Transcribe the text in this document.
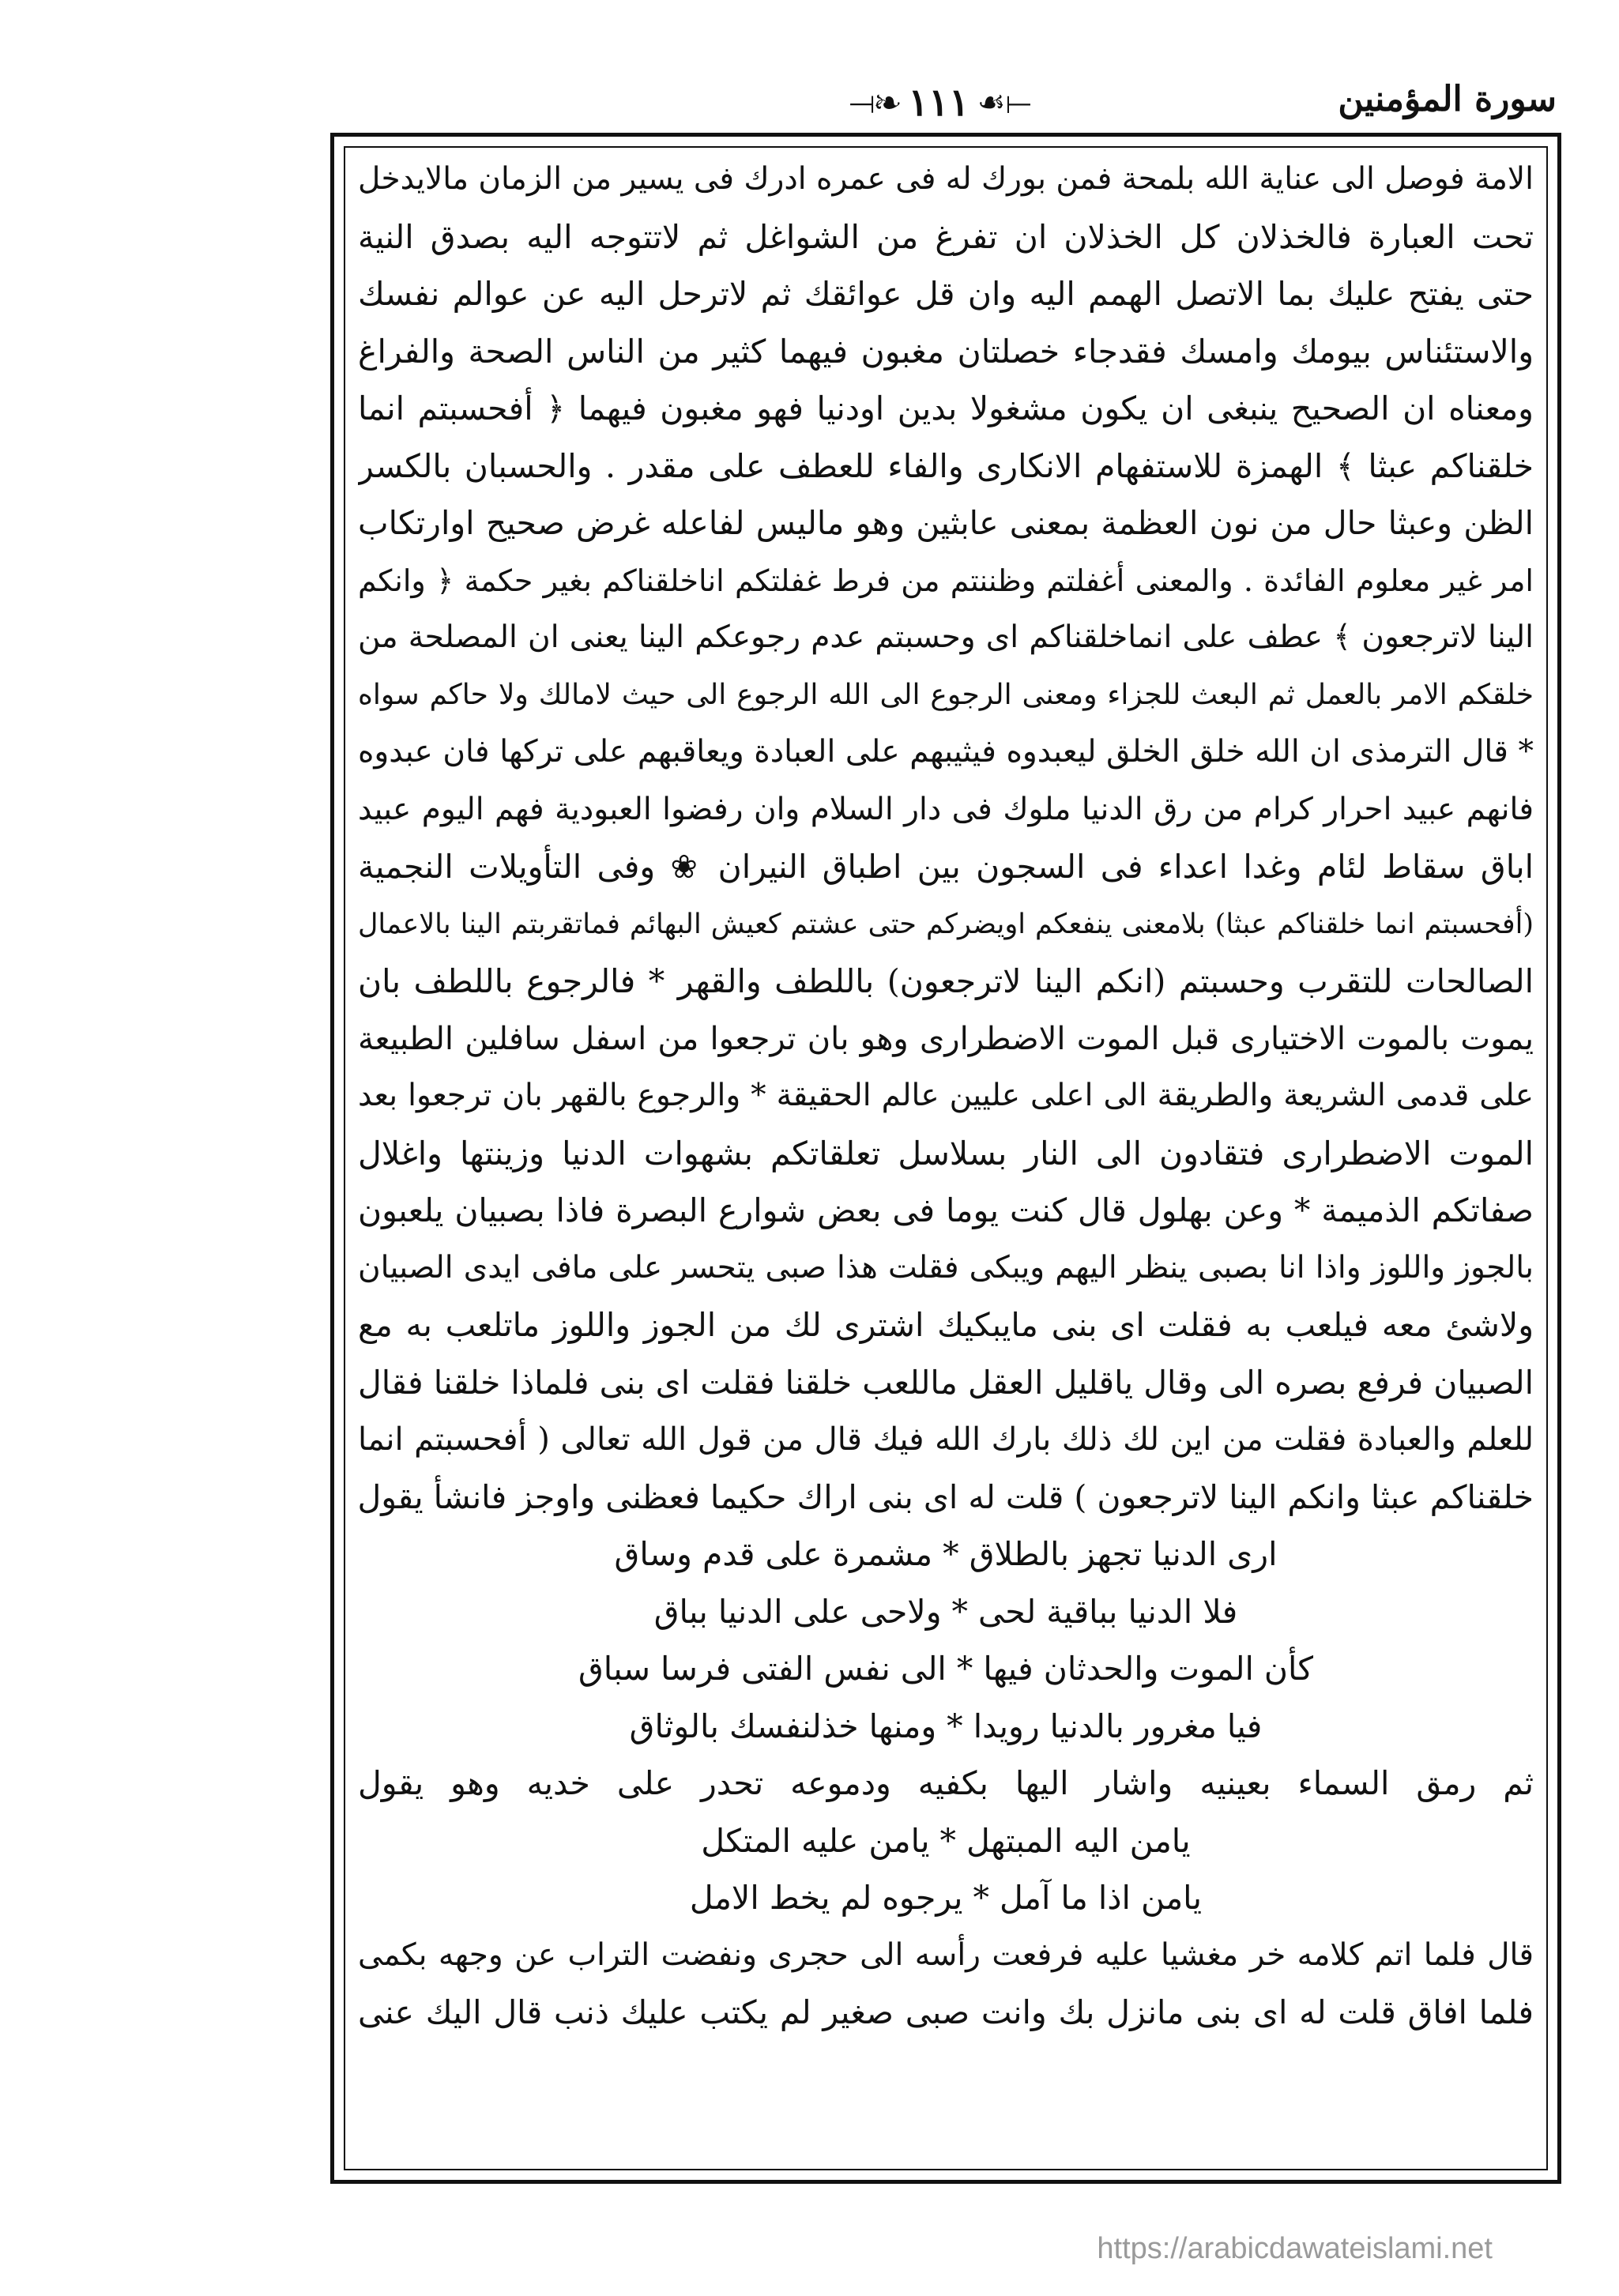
سورة المؤمنين
⟞❧ ١١١ ☙⟝
الامة فوصل الى عناية الله بلمحة فمن بورك له فى عمره ادرك فى يسير من الزمان مالايدخل
تحت العبارة فالخذلان كل الخذلان ان تفرغ من الشواغل ثم لاتتوجه اليه بصدق النية
حتى يفتح عليك بما الاتصل الهمم اليه وان قل عوائقك ثم لاترحل اليه عن عوالم نفسك
والاستئناس بيومك وامسك فقدجاء خصلتان مغبون فيهما كثير من الناس الصحة والفراغ
ومعناه ان الصحيح ينبغى ان يكون مشغولا بدين اودنيا فهو مغبون فيهما ﴿ أفحسبتم انما
خلقناكم عبثا ﴾ الهمزة للاستفهام الانكارى والفاء للعطف على مقدر . والحسبان بالكسر
الظن وعبثا حال من نون العظمة بمعنى عابثين وهو ماليس لفاعله غرض صحيح اوارتكاب
امر غير معلوم الفائدة . والمعنى أغفلتم وظننتم من فرط غفلتكم اناخلقناكم بغير حكمة ﴿ وانكم
الينا لاترجعون ﴾ عطف على انماخلقناكم اى وحسبتم عدم رجوعكم الينا يعنى ان المصلحة من
خلقكم الامر بالعمل ثم البعث للجزاء ومعنى الرجوع الى الله الرجوع الى حيث لامالك ولا حاكم سواه
* قال الترمذى ان الله خلق الخلق ليعبدوه فيثيبهم على العبادة ويعاقبهم على تركها فان عبدوه
فانهم عبيد احرار كرام من رق الدنيا ملوك فى دار السلام وان رفضوا العبودية فهم اليوم عبيد
اباق سقاط لئام وغدا اعداء فى السجون بين اطباق النيران ❀ وفى التأويلات النجمية
(أفحسبتم انما خلقناكم عبثا) بلامعنى ينفعكم اويضركم حتى عشتم كعيش البهائم فماتقربتم الينا بالاعمال
الصالحات للتقرب وحسبتم (انكم الينا لاترجعون) باللطف والقهر * فالرجوع باللطف بان
يموت بالموت الاختيارى قبل الموت الاضطرارى وهو بان ترجعوا من اسفل سافلين الطبيعة
على قدمى الشريعة والطريقة الى اعلى عليين عالم الحقيقة * والرجوع بالقهر بان ترجعوا بعد
الموت الاضطرارى فتقادون الى النار بسلاسل تعلقاتكم بشهوات الدنيا وزينتها واغلال
صفاتكم الذميمة * وعن بهلول قال كنت يوما فى بعض شوارع البصرة فاذا بصبيان يلعبون
بالجوز واللوز واذا انا بصبى ينظر اليهم ويبكى فقلت هذا صبى يتحسر على مافى ايدى الصبيان
ولاشئ معه فيلعب به فقلت اى بنى مايبكيك اشترى لك من الجوز واللوز ماتلعب به مع
الصبيان فرفع بصره الى وقال ياقليل العقل ماللعب خلقنا فقلت اى بنى فلماذا خلقنا فقال
للعلم والعبادة فقلت من اين لك ذلك بارك الله فيك قال من قول الله تعالى ( أفحسبتم انما
خلقناكم عبثا وانكم الينا لاترجعون ) قلت له اى بنى اراك حكيما فعظنى واوجز فانشأ يقول
ارى الدنيا تجهز بالطلاق * مشمرة على قدم وساق
فلا الدنيا بباقية لحى * ولاحى على الدنيا بباق
كأن الموت والحدثان فيها * الى نفس الفتى فرسا سباق
فيا مغرور بالدنيا رويدا * ومنها خذلنفسك بالوثاق
ثم رمق السماء بعينيه واشار اليها بكفيه ودموعه تحدر على خديه وهو يقول
يامن اليه المبتهل * يامن عليه المتكل
يامن اذا ما آمل * يرجوه لم يخط الامل
قال فلما اتم كلامه خر مغشيا عليه فرفعت رأسه الى حجرى ونفضت التراب عن وجهه بكمى
فلما افاق قلت له اى بنى مانزل بك وانت صبى صغير لم يكتب عليك ذنب قال اليك عنى
https://arabicdawateislami.net
